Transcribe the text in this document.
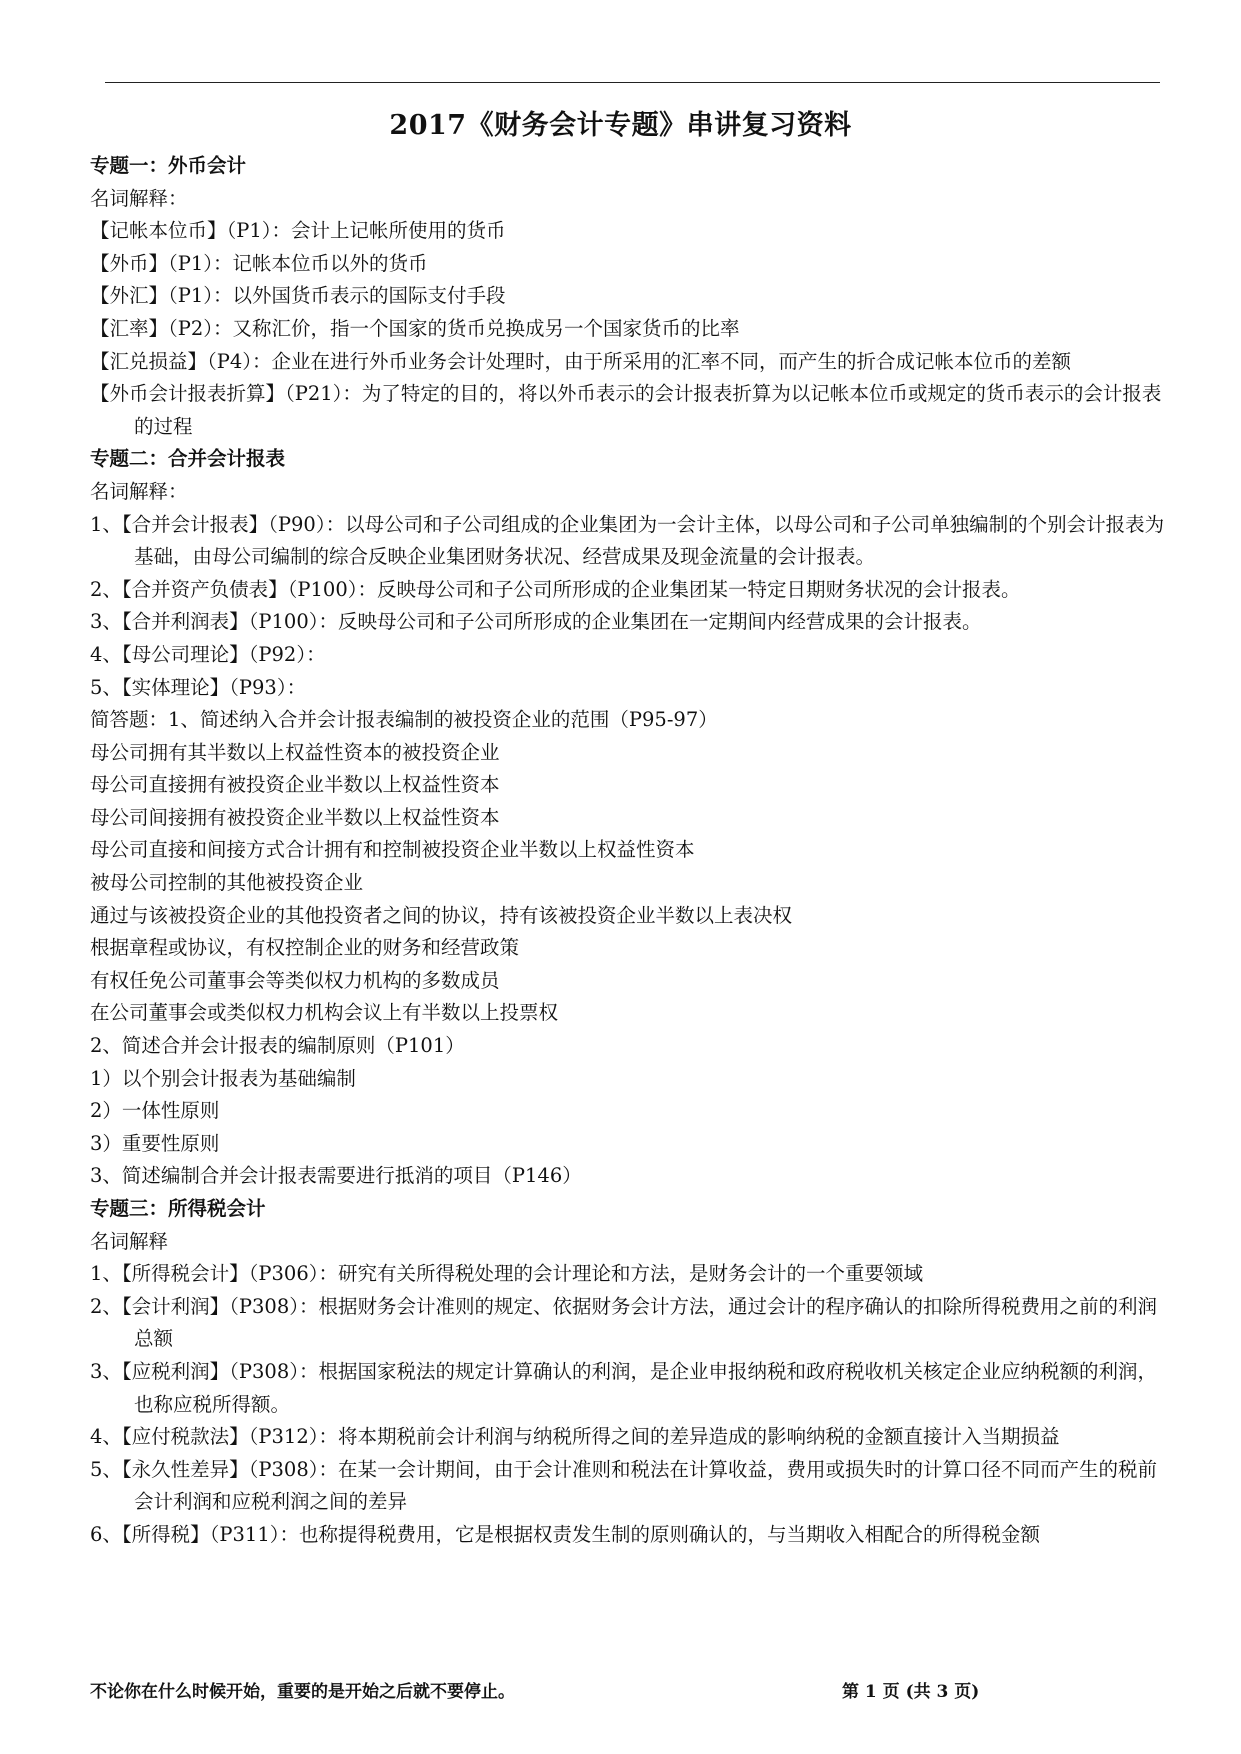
2017《财务会计专题》串讲复习资料
专题一：外币会计
名词解释：
【记帐本位币】（P1）：会计上记帐所使用的货币
【外币】（P1）：记帐本位币以外的货币
【外汇】（P1）：以外国货币表示的国际支付手段
【汇率】（P2）：又称汇价，指一个国家的货币兑换成另一个国家货币的比率
【汇兑损益】（P4）：企业在进行外币业务会计处理时，由于所采用的汇率不同，而产生的折合成记帐本位币的差额
【外币会计报表折算】（P21）：为了特定的目的，将以外币表示的会计报表折算为以记帐本位币或规定的货币表示的会计报表的过程
专题二：合并会计报表
名词解释：
1、【合并会计报表】（P90）：以母公司和子公司组成的企业集团为一会计主体，以母公司和子公司单独编制的个别会计报表为基础，由母公司编制的综合反映企业集团财务状况、经营成果及现金流量的会计报表。
2、【合并资产负债表】（P100）：反映母公司和子公司所形成的企业集团某一特定日期财务状况的会计报表。
3、【合并利润表】（P100）：反映母公司和子公司所形成的企业集团在一定期间内经营成果的会计报表。
4、【母公司理论】（P92）：
5、【实体理论】（P93）：
简答题：1、简述纳入合并会计报表编制的被投资企业的范围（P95-97）
母公司拥有其半数以上权益性资本的被投资企业
母公司直接拥有被投资企业半数以上权益性资本
母公司间接拥有被投资企业半数以上权益性资本
母公司直接和间接方式合计拥有和控制被投资企业半数以上权益性资本
被母公司控制的其他被投资企业
通过与该被投资企业的其他投资者之间的协议，持有该被投资企业半数以上表决权
根据章程或协议，有权控制企业的财务和经营政策
有权任免公司董事会等类似权力机构的多数成员
在公司董事会或类似权力机构会议上有半数以上投票权
2、简述合并会计报表的编制原则（P101）
1）以个别会计报表为基础编制
2）一体性原则
3）重要性原则
3、简述编制合并会计报表需要进行抵消的项目（P146）
专题三：所得税会计
名词解释
1、【所得税会计】（P306）：研究有关所得税处理的会计理论和方法，是财务会计的一个重要领域
2、【会计利润】（P308）：根据财务会计准则的规定、依据财务会计方法，通过会计的程序确认的扣除所得税费用之前的利润总额
3、【应税利润】（P308）：根据国家税法的规定计算确认的利润，是企业申报纳税和政府税收机关核定企业应纳税额的利润，也称应税所得额。
4、【应付税款法】（P312）：将本期税前会计利润与纳税所得之间的差异造成的影响纳税的金额直接计入当期损益
5、【永久性差异】（P308）：在某一会计期间，由于会计准则和税法在计算收益，费用或损失时的计算口径不同而产生的税前会计利润和应税利润之间的差异
6、【所得税】（P311）：也称提得税费用，它是根据权责发生制的原则确认的，与当期收入相配合的所得税金额
不论你在什么时候开始，重要的是开始之后就不要停止。	第 1 页 (共 3 页)
